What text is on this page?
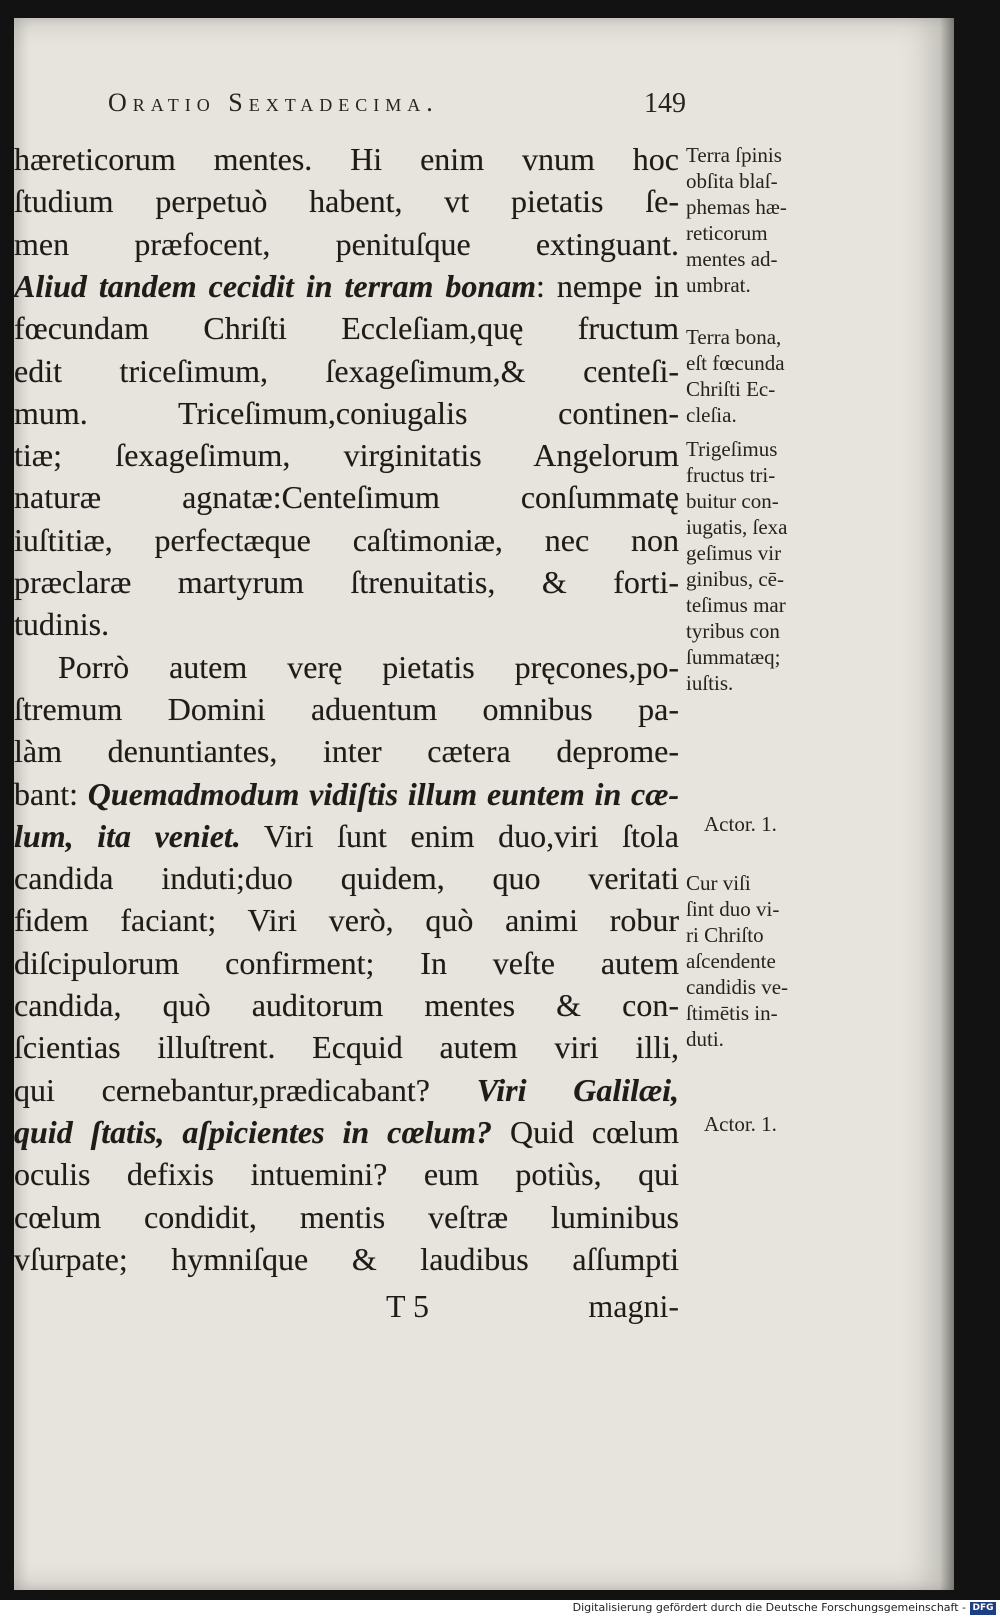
Oratio Sextadecima.	149
hæreticorum mentes. Hi enim vnum hoc
ſtudium perpetuò habent, vt pietatis ſe-
men præfocent, penituſque extinguant.
Aliud tandem cecidit in terram bonam: nempe in
fœcundam Chriſti Eccleſiam,quę fructum
edit triceſimum, ſexageſimum,& centeſi-
mum. Triceſimum,coniugalis continen-
tiæ; ſexageſimum, virginitatis Angelorum
naturæ agnatæ:Centeſimum conſummatę
iuſtitiæ, perfectæque caſtimoniæ, nec non
præclaræ martyrum ſtrenuitatis, & forti-
tudinis.
Porrò autem verę pietatis pręcones,po-
ſtremum Domini aduentum omnibus pa-
làm denuntiantes, inter cætera deprome-
bant: Quemadmodum vidiſtis illum euntem in cæ-
lum, ita veniet. Viri ſunt enim duo,viri ſtola
candida induti;duo quidem, quo veritati
fidem faciant; Viri verò, quò animi robur
diſcipulorum confirment; In veſte autem
candida, quò auditorum mentes & con-
ſcientias illuſtrent. Ecquid autem viri illi,
qui cernebantur,prædicabant? Viri Galilæi,
quid ſtatis, aſpicientes in cœlum? Quid cœlum
oculis defixis intuemini? eum potiùs, qui
cœlum condidit, mentis veſtræ luminibus
vſurpate; hymniſque & laudibus aſſumpti
T 5	magni-
Terra ſpinis
obſita blaſ-
phemas hæ-
reticorum
mentes ad-
umbrat.
Terra bona,
eſt fœcunda
Chriſti Ec-
cleſia.
Trigeſimus
fructus tri-
buitur con-
iugatis, ſexa
geſimus vir
ginibus, cē-
teſimus mar
tyribus con
ſummatæq;
iuſtis.
Actor. 1.
Cur viſi
ſint duo vi-
ri Chriſto
aſcendente
candidis ve-
ſtimētis in-
duti.
Actor. 1.
Digitalisierung gefördert durch die Deutsche Forschungsgemeinschaft - DFG
